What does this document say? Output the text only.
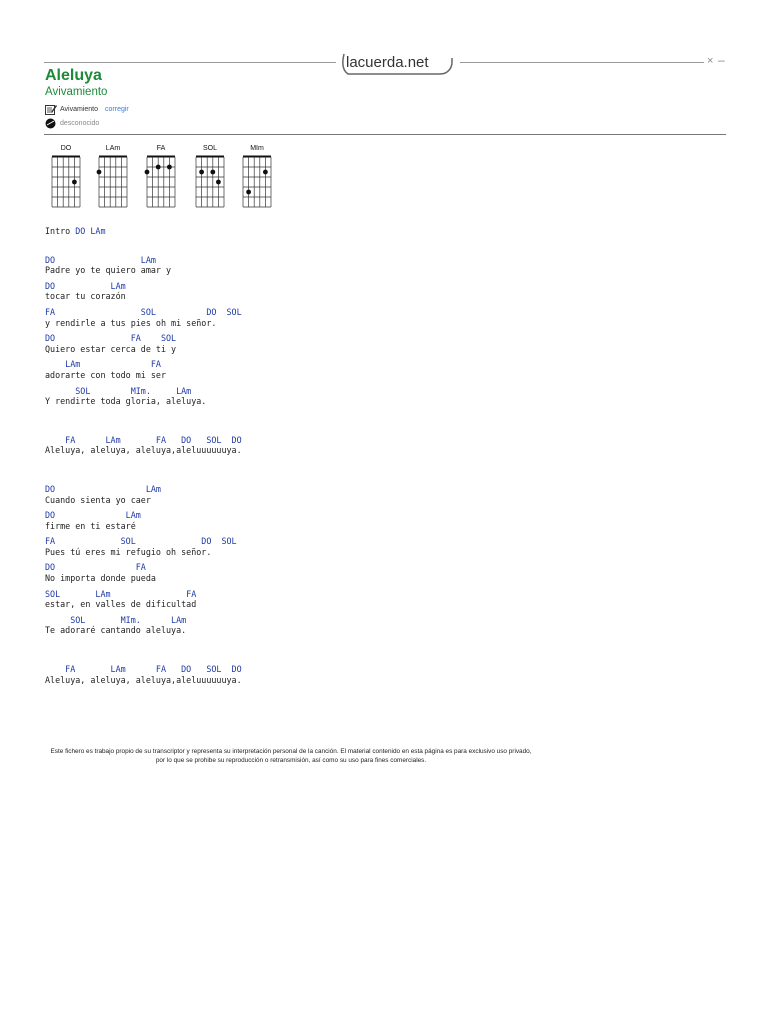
lacuerda.net	× –
Aleluya
Avivamiento
Avivamiento corregir
desconocido
DO	LAm	FA	SOL	MIm
Intro DO LAm
DO                 LAm
Padre yo te quiero amar y
DO           LAm
tocar tu corazón
FA                 SOL          DO  SOL
y rendirle a tus pies oh mi señor.
DO               FA    SOL
Quiero estar cerca de ti y
LAm              FA
adorarte con todo mi ser
SOL        MIm.     LAm
Y rendirte toda gloria, aleluya.
FA      LAm       FA   DO   SOL  DO
Aleluya, aleluya, aleluya,aleluuuuuuya.
DO                  LAm
Cuando sienta yo caer
DO              LAm
firme en ti estaré
FA             SOL             DO  SOL
Pues tú eres mi refugio oh señor.
DO                FA
No importa donde pueda
SOL       LAm               FA
estar, en valles de dificultad
SOL       MIm.      LAm
Te adoraré cantando aleluya.
FA       LAm      FA   DO   SOL  DO
Aleluya, aleluya, aleluya,aleluuuuuuya.
Este fichero es trabajo propio de su transcriptor y representa su interpretación personal de la canción. El material contenido en esta página es para exclusivo uso privado, por lo que se prohibe su reproducción o retransmisión, así como su uso para fines comerciales.
